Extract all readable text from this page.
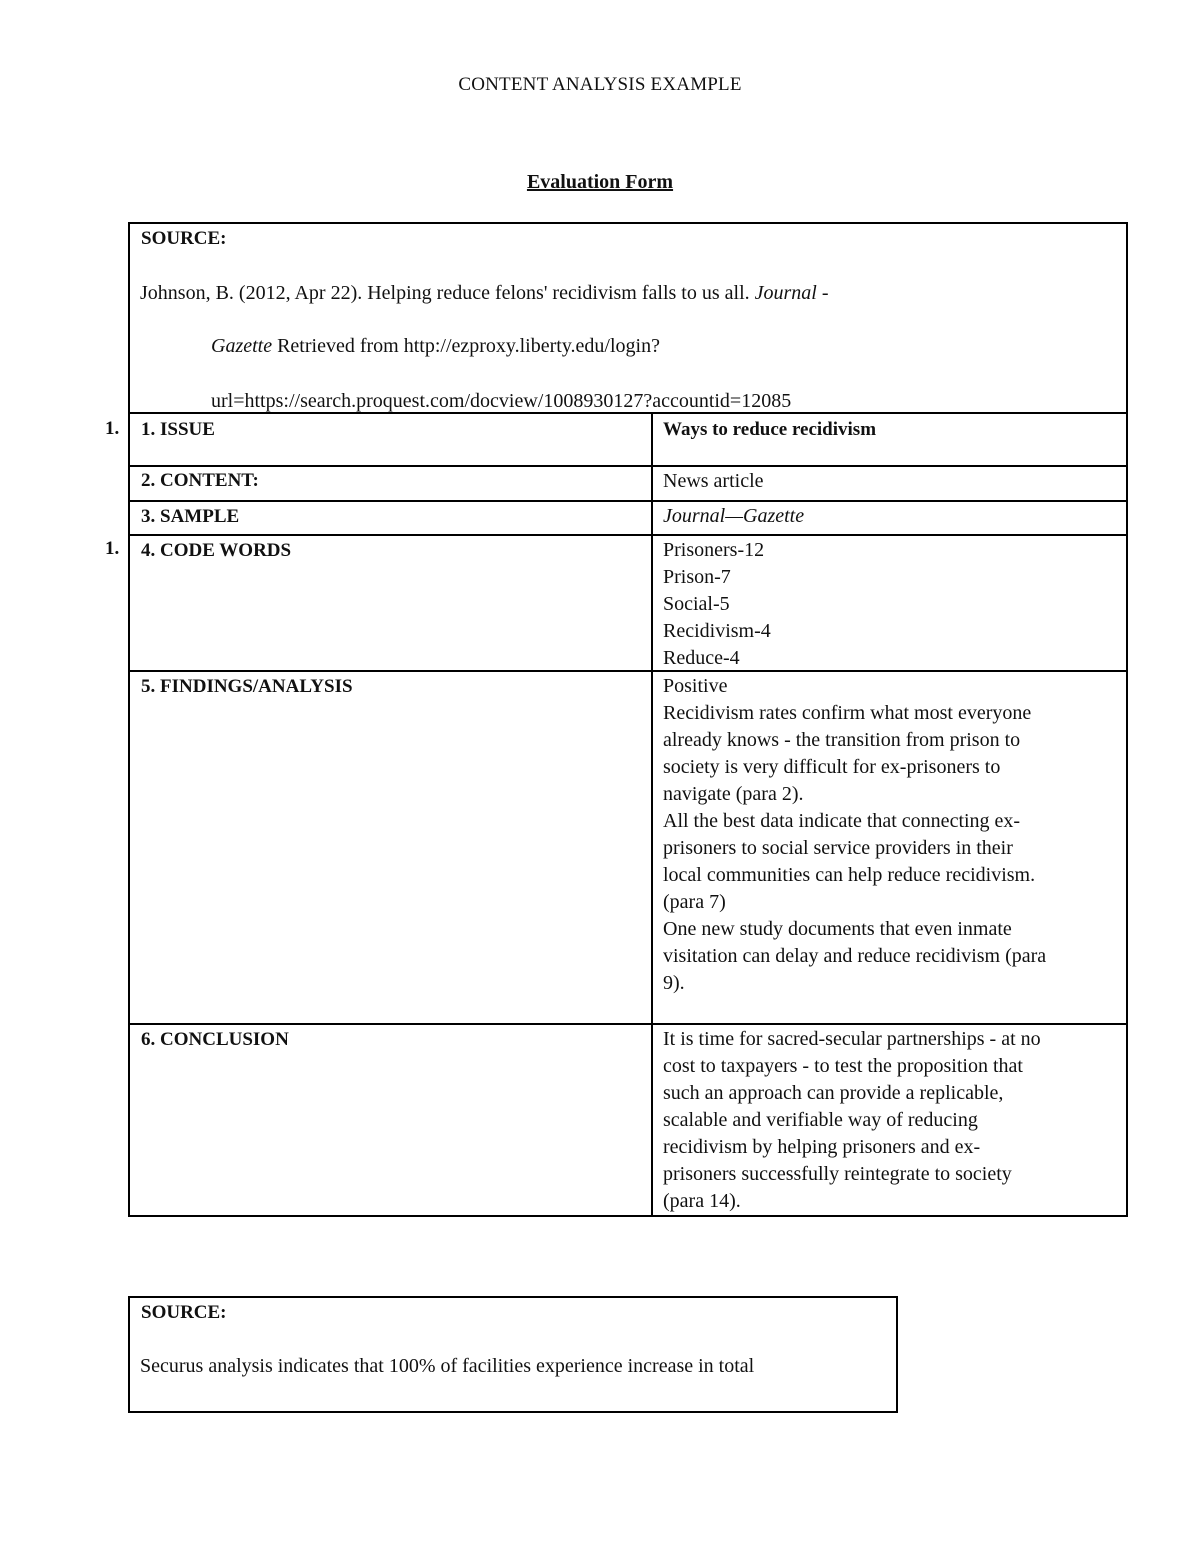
CONTENT ANALYSIS EXAMPLE
Evaluation Form
SOURCE:
Johnson, B. (2012, Apr 22). Helping reduce felons' recidivism falls to us all. Journal -
Gazette Retrieved from http://ezproxy.liberty.edu/login?
url=https://search.proquest.com/docview/1008930127?accountid=12085
1.
1.
1. ISSUE	Ways to reduce recidivism
2. CONTENT:	News article
3. SAMPLE	Journal—Gazette
4. CODE WORDS	Prisoners-12
Prison-7
Social-5
Recidivism-4
Reduce-4
5. FINDINGS/ANALYSIS	Positive
Recidivism rates confirm what most everyone
already knows - the transition from prison to
society is very difficult for ex-prisoners to
navigate (para 2).
All the best data indicate that connecting ex-
prisoners to social service providers in their
local communities can help reduce recidivism.
(para 7)
One new study documents that even inmate
visitation can delay and reduce recidivism (para
9).
6. CONCLUSION	It is time for sacred-secular partnerships - at no
cost to taxpayers - to test the proposition that
such an approach can provide a replicable,
scalable and verifiable way of reducing
recidivism by helping prisoners and ex-
prisoners successfully reintegrate to society
(para 14).
SOURCE:
Securus analysis indicates that 100% of facilities experience increase in total
